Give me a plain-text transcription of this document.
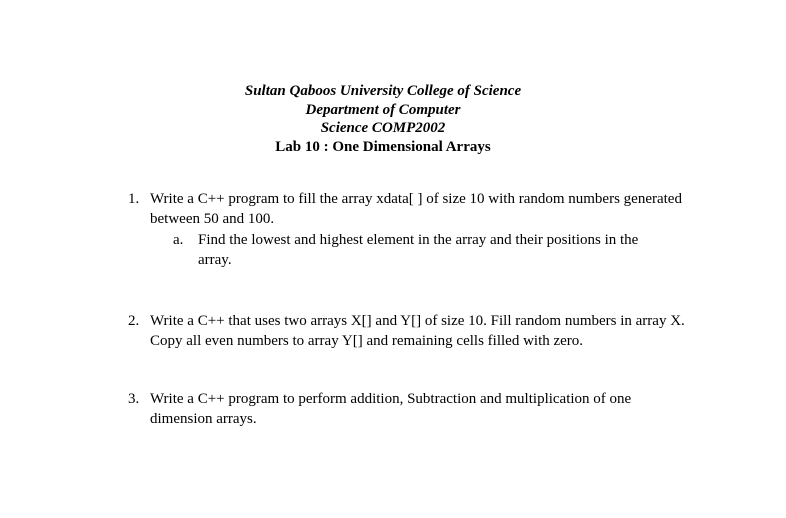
Sultan Qaboos University College of Science
Department of Computer
Science COMP2002
Lab 10 : One Dimensional Arrays
1. Write a C++ program to fill the array xdata[ ] of size 10 with random numbers generated between 50 and 100.
a. Find the lowest and highest element in the array and their positions in the array.
2. Write a C++ that uses two arrays X[] and Y[] of size 10. Fill random numbers in array X. Copy all even numbers to array Y[] and remaining cells filled with zero.
3. Write a C++ program to perform addition, Subtraction and multiplication of one dimension arrays.
